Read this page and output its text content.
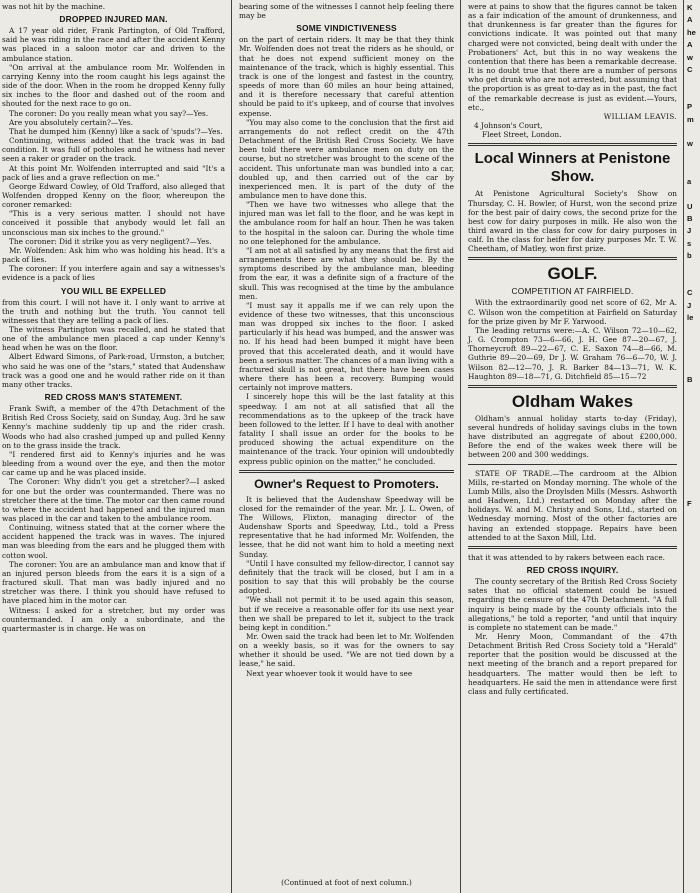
was not hit by the machine.

DROPPED INJURED MAN.

A 17 year old rider, Frank Partington, of Old Trafford, said he was riding in the race and after the accident Kenny was placed in a saloon motor car and driven to the ambulance station.

"On arrival at the ambulance room Mr. Wolfenden in carrying Kenny into the room caught his legs against the side of the door. When in the room he dropped Kenny fully six inches to the floor and dashed out of the room and shouted for the next race to go on.

The coroner: Do you really mean what you say?—Yes.

Are you absolutely certain?—Yes.

That he dumped him (Kenny) like a sack of 'spuds'?—Yes.

Continuing, witness added that the track was in bad condition. It was full of potholes and he witness had never seen a raker or grader on the track.

At this point Mr. Wolfenden interrupted and said "It's a pack of lies and a grave reflection on me."

George Edward Cowley, of Old Trafford, also alleged that Wolfenden dropped Kenny on the floor, whereupon the coroner remarked:

"This is a very serious matter. I should not have conceived it possible that anybody would let fall an unconscious man six inches to the ground."

The coroner: Did it strike you as very negligent?—Yes.

Mr. Wolfenden: Ask him who was holding his head. It's a pack of lies.

The coroner: If you interfere again and say a witnesses's evidence is a pack of lies

YOU WILL BE EXPELLED

from this court. I will not have it. I only want to arrive at the truth and nothing but the truth. You cannot tell witnesses that they are telling a pack of lies.

The witness Partington was recalled, and he stated that one of the ambulance men placed a cap under Kenny's head when he was on the floor.

Albert Edward Simons, of Park-road, Urmston, a butcher, who said he was one of the "stars," stated that Audenshaw track was a good one and he would rather ride on it than many other tracks.

RED CROSS MAN'S STATEMENT.

Frank Swift, a member of the 47th Detachment of the British Red Cross Society, said on Sunday, Aug. 3rd he saw Kenny's machine suddenly tip up and the rider crash. Woods who had also crashed jumped up and pulled Kenny on to the grass inside the track.

"I rendered first aid to Kenny's injuries and he was bleeding from a wound over the eye, and then the motor car came up and he was placed inside.

The Coroner: Why didn't you get a stretcher?—I asked for one but the order was countermanded. There was no stretcher there at the time. The motor car then came round to where the accident had happened and the injured man was placed in the car and taken to the ambulance room.

Continuing, witness stated that at the corner where the accident happened the track was in waves. The injured man was bleeding from the ears and he plugged them with cotton wool.

The coroner: You are an ambulance man and know that if an injured person bleeds from the ears it is a sign of a fractured skull. That man was badly injured and no stretcher was there. I think you should have refused to have placed him in the motor car.

Witness: I asked for a stretcher, but my order was countermanded. I am only a subordinate, and the quartermaster is in charge. He was on

bearing some of the witnesses I cannot help feeling there may be

SOME VINDICTIVENESS

on the part of certain riders. It may be that they think Mr. Wolfenden does not treat the riders as he should, or that he does not expend sufficient money on the maintenance of the track, which is highly essential. This track is one of the longest and fastest in the country, speeds of more than 60 miles an hour being attained, and it is therefore necessary that careful attention should be paid to it's upkeep, and of course that involves expense.

"You may also come to the conclusion that the first aid arrangements do not reflect credit on the 47th Detachment of the British Red Cross Society. We have been told there were ambulance men on duty on the course, but no stretcher was brought to the scene of the accident. This unfortunate man was bundled into a car, doubled up, and then carried out of the car by inexperienced men. It is part of the duty of the ambulance men to have done this.

"Then we have two witnesses who allege that the injured man was let fall to the floor, and he was kept in the ambulance room for half an hour. Then he was taken to the hospital in the saloon car. During the whole time no one telephoned for the ambulance.

"I am not at all satisfied by any means that the first aid arrangements there are what they should be. By the symptoms described by the ambulance man, bleeding from the ear, it was a definite sign of a fracture of the skull. This was recognised at the time by the ambulance men.

"I must say it appalls me if we can rely upon the evidence of these two witnesses, that this unconscious man was dropped six inches to the floor. I asked particularly if his head was bumped, and the answer was no. If his head had been bumped it might have been proved that this accelerated death, and it would have been a serious matter. The chances of a man living with a fractured skull is not great, but there have been cases where there has been a recovery. Bumping would certainly not improve matters.

I sincerely hope this will be the last fatality at this speedway. I am not at all satisfied that all the recommendations as to the upkeep of the track have been followed to the letter. If I have to deal with another fatality I shall issue an order for the books to be produced showing the actual expenditure on the maintenance of the track. Your opinion will undoubtedly express public opinion on the matter," he concluded.

Owner's Request to Promoters.

It is believed that the Audenshaw Speedway will be closed for the remainder of the year. Mr. J. L. Owen, of The Willows, Flixton, managing director of the Audenshaw Sports and Speedway, Ltd., told a Press representative that he had informed Mr. Wolfenden, the lessee, that he did not want him to hold a meeting next Sunday.

"Until I have consulted my fellow-director, I cannot say definitely that the track will be closed, but I am in a position to say that this will probably be the course adopted.

"We shall not permit it to be used again this season, but if we receive a reasonable offer for its use next year then we shall be prepared to let it, subject to the track being kept in condition."

Mr. Owen said the track had been let to Mr. Wolfenden on a weekly basis, so it was for the owners to say whether it should be used. "We are not tied down by a lease," he said.

Next year whoever took it would have to see

(Continued at foot of next column.)

were at pains to show that the figures cannot be taken as a fair indication of the amount of drunkenness, and that drunkenness is far greater than the figures for convictions indicate. It was pointed out that many charged were not convicted, being dealt with under the Probationers' Act, but this in no way weakens the contention that there has been a remarkable decrease. It is no doubt true that there are a number of persons who get drunk who are not arrested, but assuming that the proportion is as great to-day as in the past, the fact of the remarkable decrease is just as evident.—Yours, etc.,

WILLIAM LEAVIS.

4 Johnson's Court,

Fleet Street, London.

Local Winners at Penistone Show.

At Penistone Agricultural Society's Show on Thursday, C. H. Bowler, of Hurst, won the second prize for the best pair of dairy cows, the second prize for the best cow for dairy purposes in milk. He also won the third award in the class for cow for dairy purposes in calf. In the class for heifer for dairy purposes Mr. T. W. Cheetham, of Matley, won first prize.

GOLF.
COMPETITION AT FAIRFIELD.

With the extraordinarily good net score of 62, Mr A. C. Wilson won the competition at Fairfield on Saturday for the prize given by Mr F. Yarwood.

The leading returns were:—A. C. Wilson 72—10—62, J. G. Crompton 73—6—66, J. H. Gee 87—20—67, J. Thorneycroft 89—22—67, C. E. Saxon 74—8—66, M. Guthrie 89—20—69, Dr J. W. Graham 76—6—70, W. J. Wilson 82—12—70, J. R. Barker 84—13—71, W. K. Haughton 89—18—71, G. Ditchfield 85—15—72

Oldham Wakes

Oldham's annual holiday starts to-day (Friday), several hundreds of holiday savings clubs in the town have distributed an aggregate of about £200,000. Before the end of the wakes week there will be between 200 and 300 weddings.

STATE OF TRADE.—The cardroom at the Albion Mills, re-started on Monday morning. The whole of the Lumb Mills, also the Droylsden Mills (Messrs. Ashworth and Hadwen, Ltd.) restarted on Monday after the holidays. W. and M. Christy and Sons, Ltd., started on Wednesday morning. Most of the other factories are having an extended stoppage. Repairs have been attended to at the Saxon Mill, Ltd.

that it was attended to by rakers between each race.

RED CROSS INQUIRY.

The county secretary of the British Red Cross Society sates that no official statement could be issued regarding the censure of the 47th Detachment. "A full inquiry is being made by the county officials into the allegations," he told a reporter, "and until that inquiry is complete no statement can be made."

Mr. Henry Moon, Commandant of the 47th Detachment British Red Cross Society told a "Herald" reporter that the position would be discussed at the next meeting of the branch and a report prepared for headquarters. The matter would then be left to headquarters. He said the men in attendance were first class and fully certificated.

K

A

he

A

w

C

P

m

w

a

U

B

J

s

b

C

J

le

B

F
